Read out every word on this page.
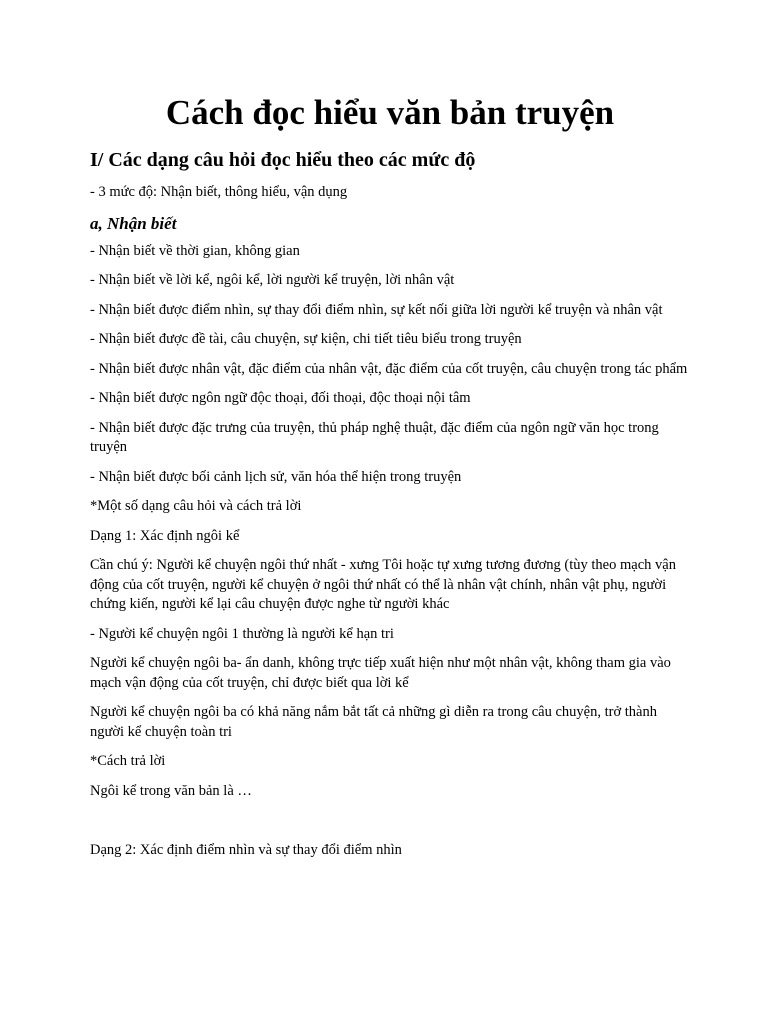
Cách đọc hiểu văn bản truyện
I/ Các dạng câu hỏi đọc hiểu theo các mức độ

- 3 mức độ: Nhận biết, thông hiểu, vận dụng

a, Nhận biết

- Nhận biết về thời gian, không gian

- Nhận biết về lời kể, ngôi kể, lời người kể truyện, lời nhân vật

- Nhận biết được điểm nhìn, sự thay đổi điểm nhìn, sự kết nối giữa lời người kể truyện và nhân vật

- Nhận biết được đề tài, câu chuyện, sự kiện, chi tiết tiêu biểu trong truyện

- Nhận biết được nhân vật, đặc điểm của nhân vật, đặc điểm của cốt truyện, câu chuyện trong tác phẩm

- Nhận biết được ngôn ngữ độc thoại, đối thoại, độc thoại nội tâm

- Nhận biết được đặc trưng của truyện, thủ pháp nghệ thuật, đặc điểm của ngôn ngữ văn học trong truyện

- Nhận biết được bối cảnh lịch sử, văn hóa thể hiện trong truyện

*Một số dạng câu hỏi và cách trả lời

Dạng 1: Xác định ngôi kể

Cần chú ý: Người kể chuyện ngôi thứ nhất - xưng Tôi hoặc tự xưng tương đương (tùy theo mạch vận động của cốt truyện, người kể chuyện ở ngôi thứ nhất có thể là nhân vật chính, nhân vật phụ, người chứng kiến, người kể lại câu chuyện được nghe từ người khác

- Người kể chuyện ngôi 1 thường là người kể hạn tri

Người kể chuyện ngôi ba- ẩn danh, không trực tiếp xuất hiện như một nhân vật, không tham gia vào mạch vận động của cốt truyện, chỉ được biết qua lời kể

Người kể chuyện ngôi ba có khả năng nắm bắt tất cả những gì diễn ra trong câu chuyện, trở thành người kể chuyện toàn tri

*Cách trả lời

Ngôi kể trong văn bản là …

Dạng 2: Xác định điểm nhìn và sự thay đổi điểm nhìn
